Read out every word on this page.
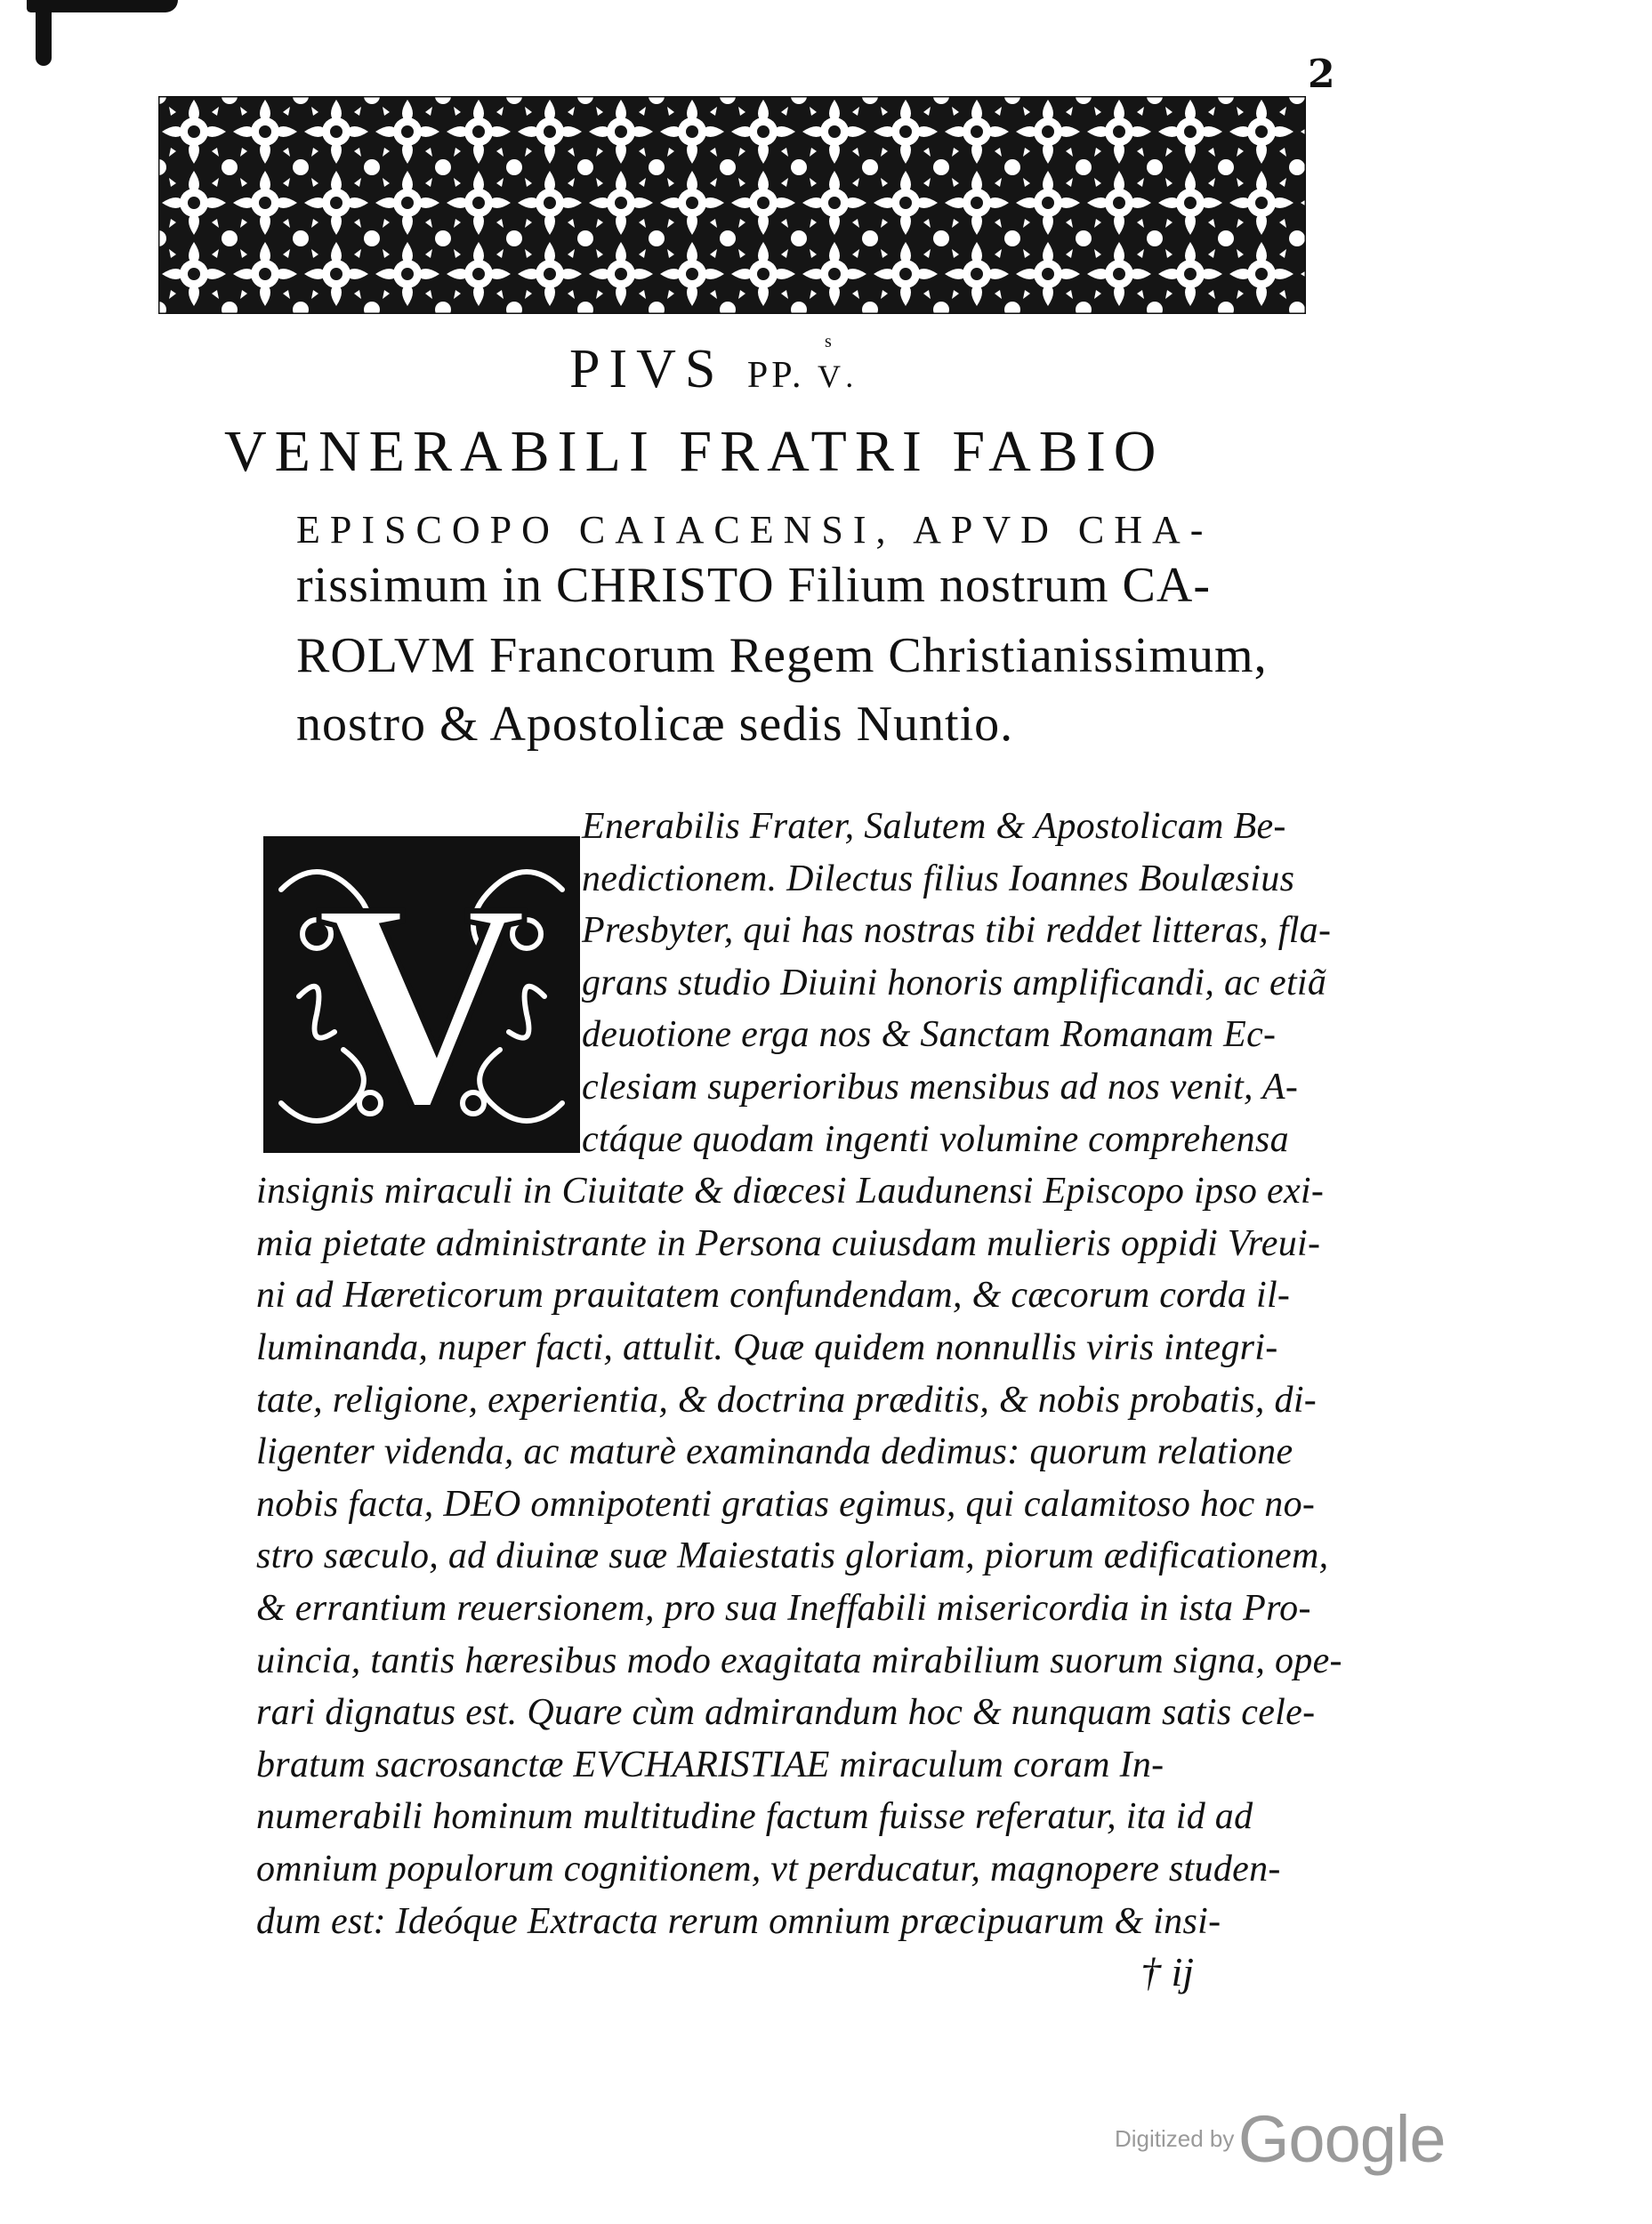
2
PIVS PP.
s
V.
VENERABILI FRATRI FABIO
EPISCOPO CAIACENSI, APVD CHA-
rissimum in CHRISTO Filium nostrum CA-
ROLVM Francorum Regem Christianissimum,
nostro & Apostolicæ sedis Nuntio.
V
Enerabilis Frater, Salutem & Apostolicam Be-
nedictionem. Dilectus filius Ioannes Boulæsius
Presbyter, qui has nostras tibi reddet litteras, fla-
grans studio Diuini honoris amplificandi, ac etiã
deuotione erga nos & Sanctam Romanam Ec-
clesiam superioribus mensibus ad nos venit, A-
ctáque quodam ingenti volumine comprehensa
insignis miraculi in Ciuitate & diœcesi Laudunensi Episcopo ipso exi-
mia pietate administrante in Persona cuiusdam mulieris oppidi Vreui-
ni ad Hæreticorum prauitatem confundendam, & cæcorum corda il-
luminanda, nuper facti, attulit. Quæ quidem nonnullis viris integri-
tate, religione, experientia, & doctrina præditis, & nobis probatis, di-
ligenter videnda, ac maturè examinanda dedimus: quorum relatione
nobis facta, DEO omnipotenti gratias egimus, qui calamitoso hoc no-
stro sæculo, ad diuinæ suæ Maiestatis gloriam, piorum ædificationem,
& errantium reuersionem, pro sua Ineffabili misericordia in ista Pro-
uincia, tantis hæresibus modo exagitata mirabilium suorum signa, ope-
rari dignatus est. Quare cùm admirandum hoc & nunquam satis cele-
bratum sacrosanctæ EVCHARISTIAE miraculum coram In-
numerabili hominum multitudine factum fuisse referatur, ita id ad
omnium populorum cognitionem, vt perducatur, magnopere studen-
dum est: Ideóque Extracta rerum omnium præcipuarum & insi-
† ij
Digitized by Google
